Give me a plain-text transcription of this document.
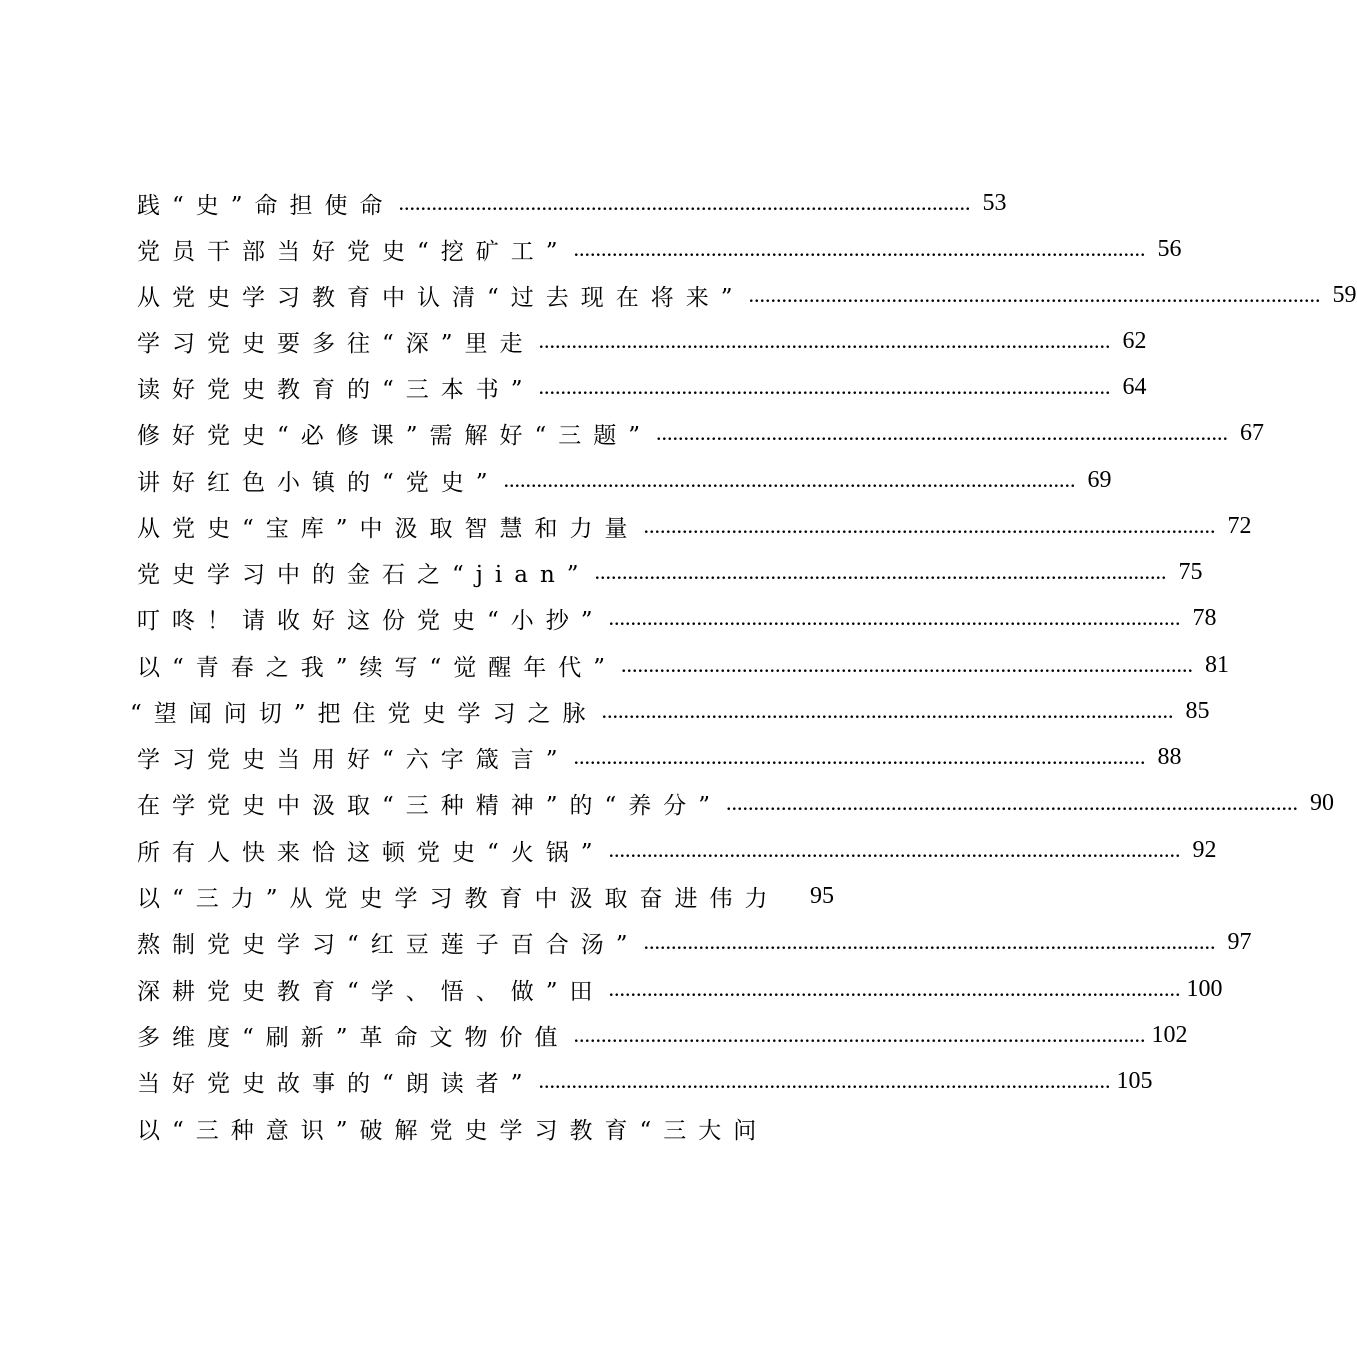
践“史”命担使命 ........................................................................................................ 53
党员干部当好党史“挖矿工” ........................................................................................................ 56
从党史学习教育中认清“过去现在将来” ........................................................................................................ 59
学习党史要多往“深”里走 ........................................................................................................ 62
读好党史教育的“三本书” ........................................................................................................ 64
修好党史“必修课”需解好“三题” ........................................................................................................ 67
讲好红色小镇的“党史” ........................................................................................................ 69
从党史“宝库”中汲取智慧和力量 ........................................................................................................ 72
党史学习中的金石之“jian” ........................................................................................................ 75
叮咚！请收好这份党史“小抄” ........................................................................................................ 78
以“青春之我”续写“觉醒年代” ........................................................................................................ 81
“望闻问切”把住党史学习之脉 ........................................................................................................ 85
学习党史当用好“六字箴言” ........................................................................................................ 88
在学党史中汲取“三种精神”的“养分” ........................................................................................................ 90
所有人快来恰这顿党史“火锅” ........................................................................................................ 92
以“三力”从党史学习教育中汲取奋进伟力 95
熬制党史学习“红豆莲子百合汤” ........................................................................................................ 97
深耕党史教育“学、悟、做”田 ........................................................................................................ 100
多维度“刷新”革命文物价值 ........................................................................................................ 102
当好党史故事的“朗读者” ........................................................................................................ 105
以“三种意识”破解党史学习教育“三大问
